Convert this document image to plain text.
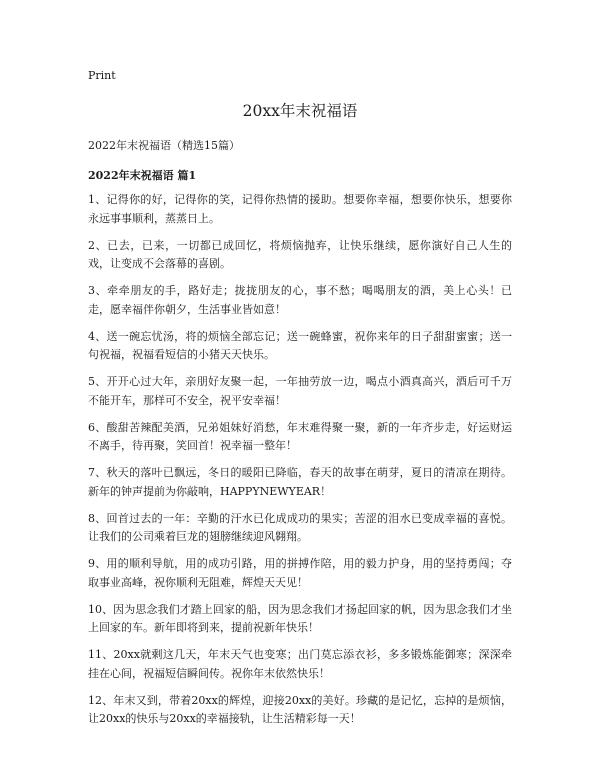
Print

20xx年末祝福语

2022年末祝福语（精选15篇）

2022年末祝福语 篇1

1、记得你的好，记得你的笑，记得你热情的援助。想要你幸福，想要你快乐，想要你永远事事顺利，蒸蒸日上。

2、已去，已来，一切都已成回忆，将烦恼抛弃，让快乐继续，愿你演好自己人生的戏，让变成不会落幕的喜剧。

3、牵牵朋友的手，路好走；拢拢朋友的心，事不愁；喝喝朋友的酒，美上心头！已走，愿幸福伴你朝夕，生活事业皆如意！

4、送一碗忘忧汤，将的烦恼全部忘记；送一碗蜂蜜，祝你来年的日子甜甜蜜蜜；送一句祝福，祝福看短信的小猪天天快乐。

5、开开心过大年，亲朋好友聚一起，一年抽劳放一边，喝点小酒真高兴，酒后可千万不能开车，那样可不安全，祝平安幸福！

6、酸甜苦辣配美酒，兄弟姐妹好消愁，年末难得聚一聚，新的一年齐步走，好运财运不离手，待再聚，笑回首！祝幸福一整年！

7、秋天的落叶已飘远，冬日的暖阳已降临，春天的故事在萌芽，夏日的清凉在期待。新年的钟声提前为你敲响，HAPPYNEWYEAR！

8、回首过去的一年：辛勤的汗水已化成成功的果实；苦涩的泪水已变成幸福的喜悦。让我们的公司乘着巨龙的翅膀继续迎风翱翔。

9、用的顺利导航，用的成功引路，用的拼搏作陪，用的毅力护身，用的坚持勇闯；夺取事业高峰，祝你顺利无阻难，辉煌天天见！

10、因为思念我们才踏上回家的船，因为思念我们才扬起回家的帆，因为思念我们才坐上回家的车。新年即将到来，提前祝新年快乐！

11、20xx就剩这几天，年末天气也变寒；出门莫忘添衣衫，多多锻炼能御寒；深深牵挂在心间，祝福短信瞬间传。祝你年末依然快乐！

12、年末又到，带着20xx的辉煌，迎接20xx的美好。珍藏的是记忆，忘掉的是烦恼，让20xx的快乐与20xx的幸福接轨，让生活精彩每一天！
